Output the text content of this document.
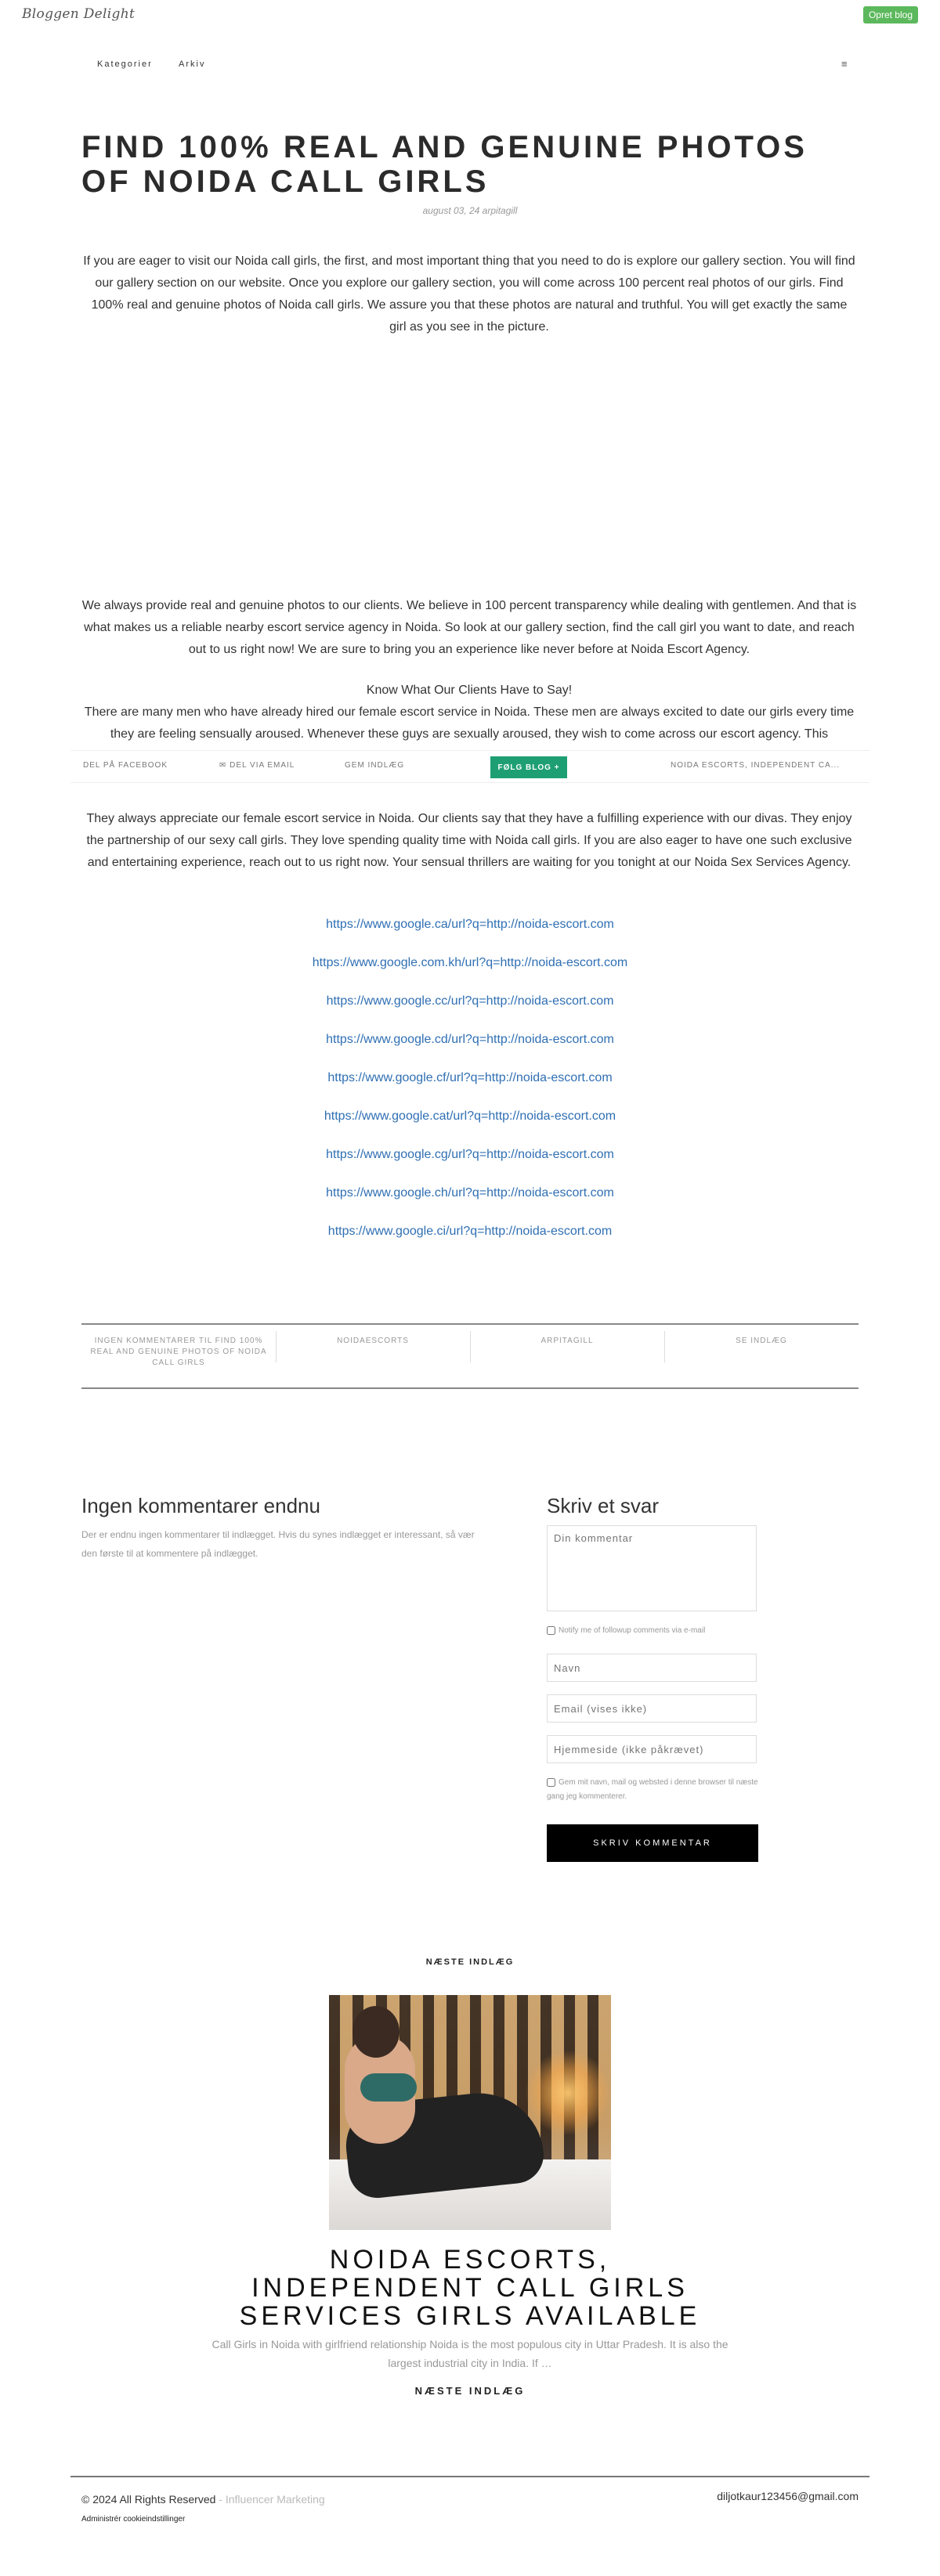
Bloggen Delight	Opret blog
Kategorier	Arkiv	≡
FIND 100% REAL AND GENUINE PHOTOS OF NOIDA CALL GIRLS
august 03, 24 arpitagill

If you are eager to visit our Noida call girls, the first, and most important thing that you need to do is explore our gallery section. You will find our gallery section on our website. Once you explore our gallery section, you will come across 100 percent real photos of our girls. Find 100% real and genuine photos of Noida call girls. We assure you that these photos are natural and truthful. You will get exactly the same girl as you see in the picture.

We always provide real and genuine photos to our clients. We believe in 100 percent transparency while dealing with gentlemen. And that is what makes us a reliable nearby escort service agency in Noida. So look at our gallery section, find the call girl you want to date, and reach out to us right now! We are sure to bring you an experience like never before at Noida Escort Agency.

Know What Our Clients Have to Say!

There are many men who have already hired our female escort service in Noida. These men are always excited to date our girls every time they are feeling sensually aroused. Whenever these guys are sexually aroused, they wish to come across our escort agency. This

They always appreciate our female escort service in Noida. Our clients say that they have a fulfilling experience with our divas. They enjoy the partnership of our sexy call girls. They love spending quality time with Noida call girls. If you are also eager to have one such exclusive and entertaining experience, reach out to us right now. Your sensual thrillers are waiting for you tonight at our Noida Sex Services Agency.

https://www.google.ca/url?q=http://noida-escort.com
https://www.google.com.kh/url?q=http://noida-escort.com
https://www.google.cc/url?q=http://noida-escort.com
https://www.google.cd/url?q=http://noida-escort.com
https://www.google.cf/url?q=http://noida-escort.com
https://www.google.cat/url?q=http://noida-escort.com
https://www.google.cg/url?q=http://noida-escort.com
https://www.google.ch/url?q=http://noida-escort.com
https://www.google.ci/url?q=http://noida-escort.com
DEL PÅ FACEBOOK	✉ DEL VIA EMAIL	GEM INDLÆG	FØLG BLOG +	NOIDA ESCORTS, INDEPENDENT CA...
INGEN KOMMENTARER TIL FIND 100% REAL AND GENUINE PHOTOS OF NOIDA CALL GIRLS
NOIDAESCORTS	ARPITAGILL	SE INDLÆG
Ingen kommentarer endnu

Der er endnu ingen kommentarer til indlægget. Hvis du synes indlægget er interessant, så vær den første til at kommentere på indlægget.

Skriv et svar
Din kommentar
Notify me of followup comments via e-mail
Navn
Email (vises ikke)
Hjemmeside (ikke påkrævet)
Gem mit navn, mail og websted i denne browser til næste gang jeg kommenterer.
SKRIV KOMMENTAR
NÆSTE INDLÆG
NOIDA ESCORTS, INDEPENDENT CALL GIRLS SERVICES GIRLS AVAILABLE

Call Girls in Noida with girlfriend relationship Noida is the most populous city in Uttar Pradesh. It is also the largest industrial city in India. If …

NÆSTE INDLÆG
© 2024 All Rights Reserved - Influencer Marketing	diljotkaur123456@gmail.com
Administrér cookieindstillinger
